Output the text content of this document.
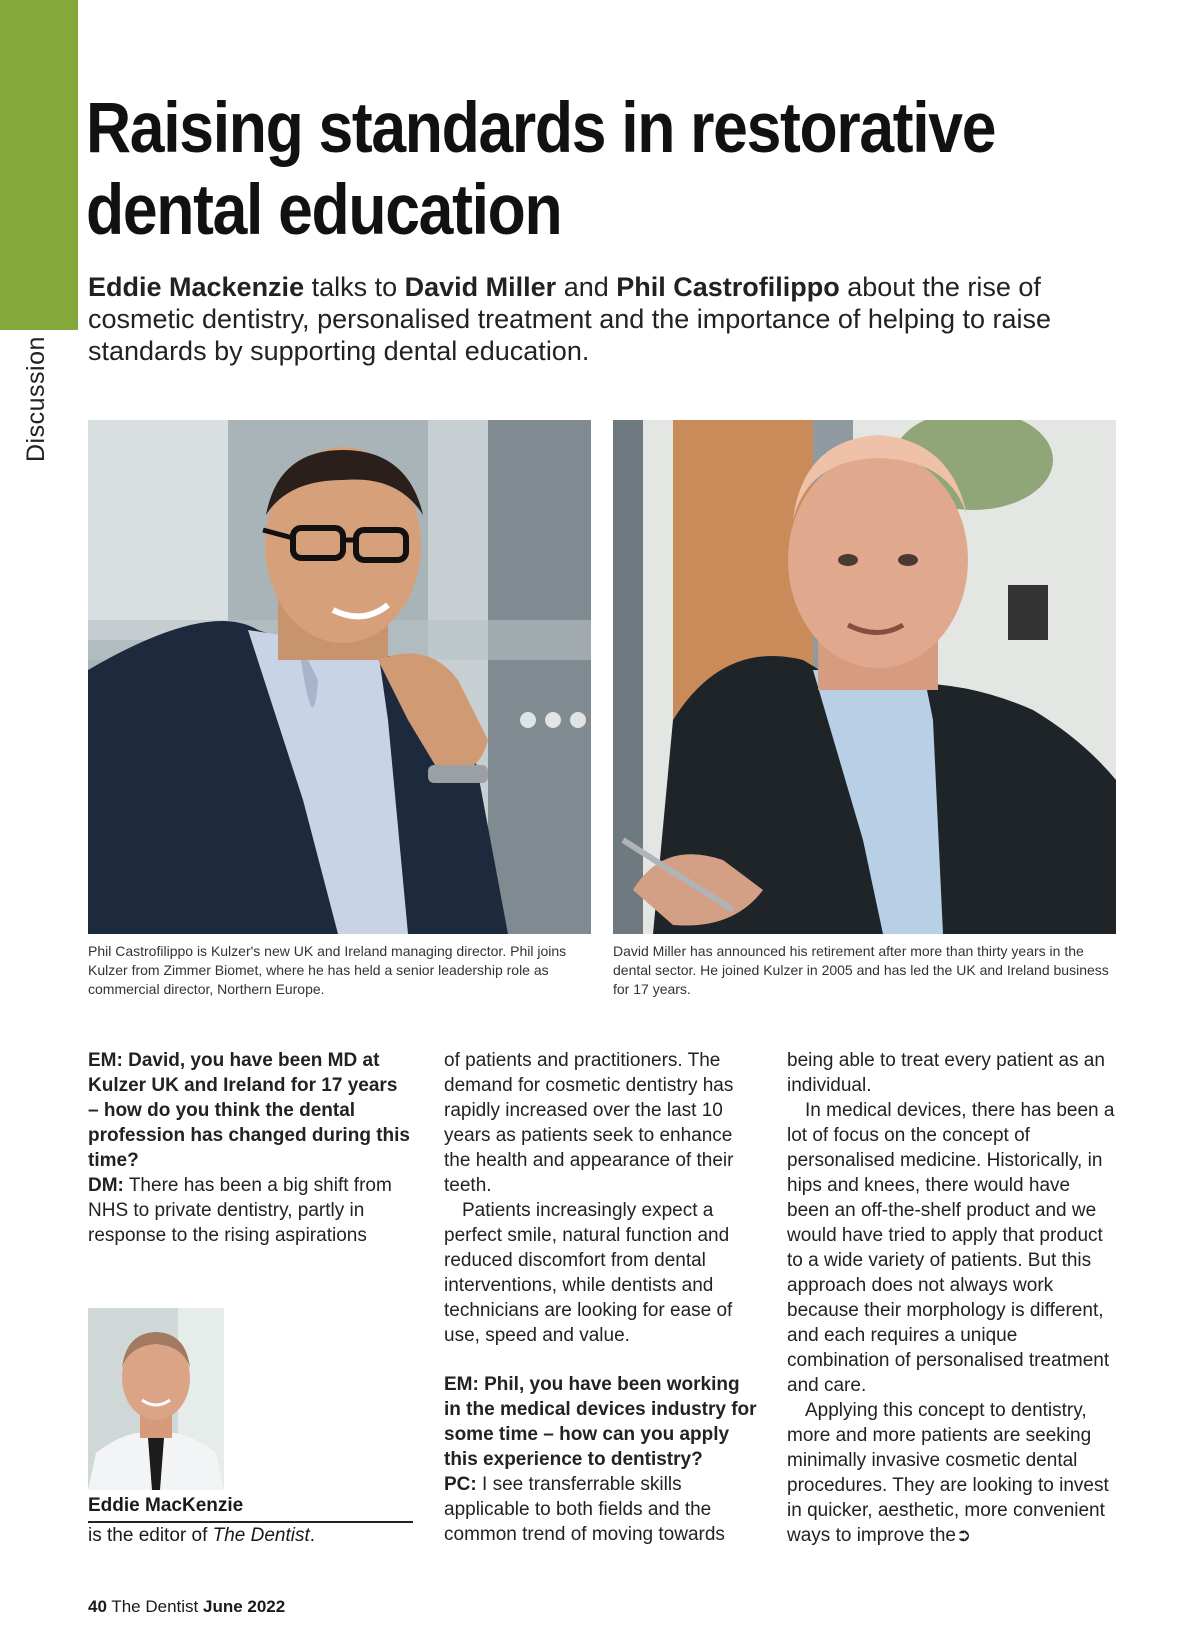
Discussion
Raising standards in restorative dental education

Eddie Mackenzie talks to David Miller and Phil Castrofilippo about the rise of cosmetic dentistry, personalised treatment and the importance of helping to raise standards by supporting dental education.

Phil Castrofilippo is Kulzer's new UK and Ireland managing director. Phil joins Kulzer from Zimmer Biomet, where he has held a senior leadership role as commercial director, Northern Europe.

David Miller has announced his retirement after more than thirty years in the dental sector. He joined Kulzer in 2005 and has led the UK and Ireland business for 17 years.

EM: David, you have been MD at Kulzer UK and Ireland for 17 years – how do you think the dental profession has changed during this time?

DM: There has been a big shift from NHS to private dentistry, partly in response to the rising aspirations

of patients and practitioners. The demand for cosmetic dentistry has rapidly increased over the last 10 years as patients seek to enhance the health and appearance of their teeth.

Patients increasingly expect a perfect smile, natural function and reduced discomfort from dental interventions, while dentists and technicians are looking for ease of use, speed and value.

EM: Phil, you have been working in the medical devices industry for some time – how can you apply this experience to dentistry?

PC: I see transferrable skills applicable to both fields and the common trend of moving towards

being able to treat every patient as an individual.

In medical devices, there has been a lot of focus on the concept of personalised medicine. Historically, in hips and knees, there would have been an off-the-shelf product and we would have tried to apply that product to a wide variety of patients. But this approach does not always work because their morphology is different, and each requires a unique combination of personalised treatment and care.

Applying this concept to dentistry, more and more patients are seeking minimally invasive cosmetic dental procedures. They are looking to invest in quicker, aesthetic, more convenient ways to improve the➲

Eddie MacKenzie

is the editor of The Dentist.

40 The Dentist June 2022
